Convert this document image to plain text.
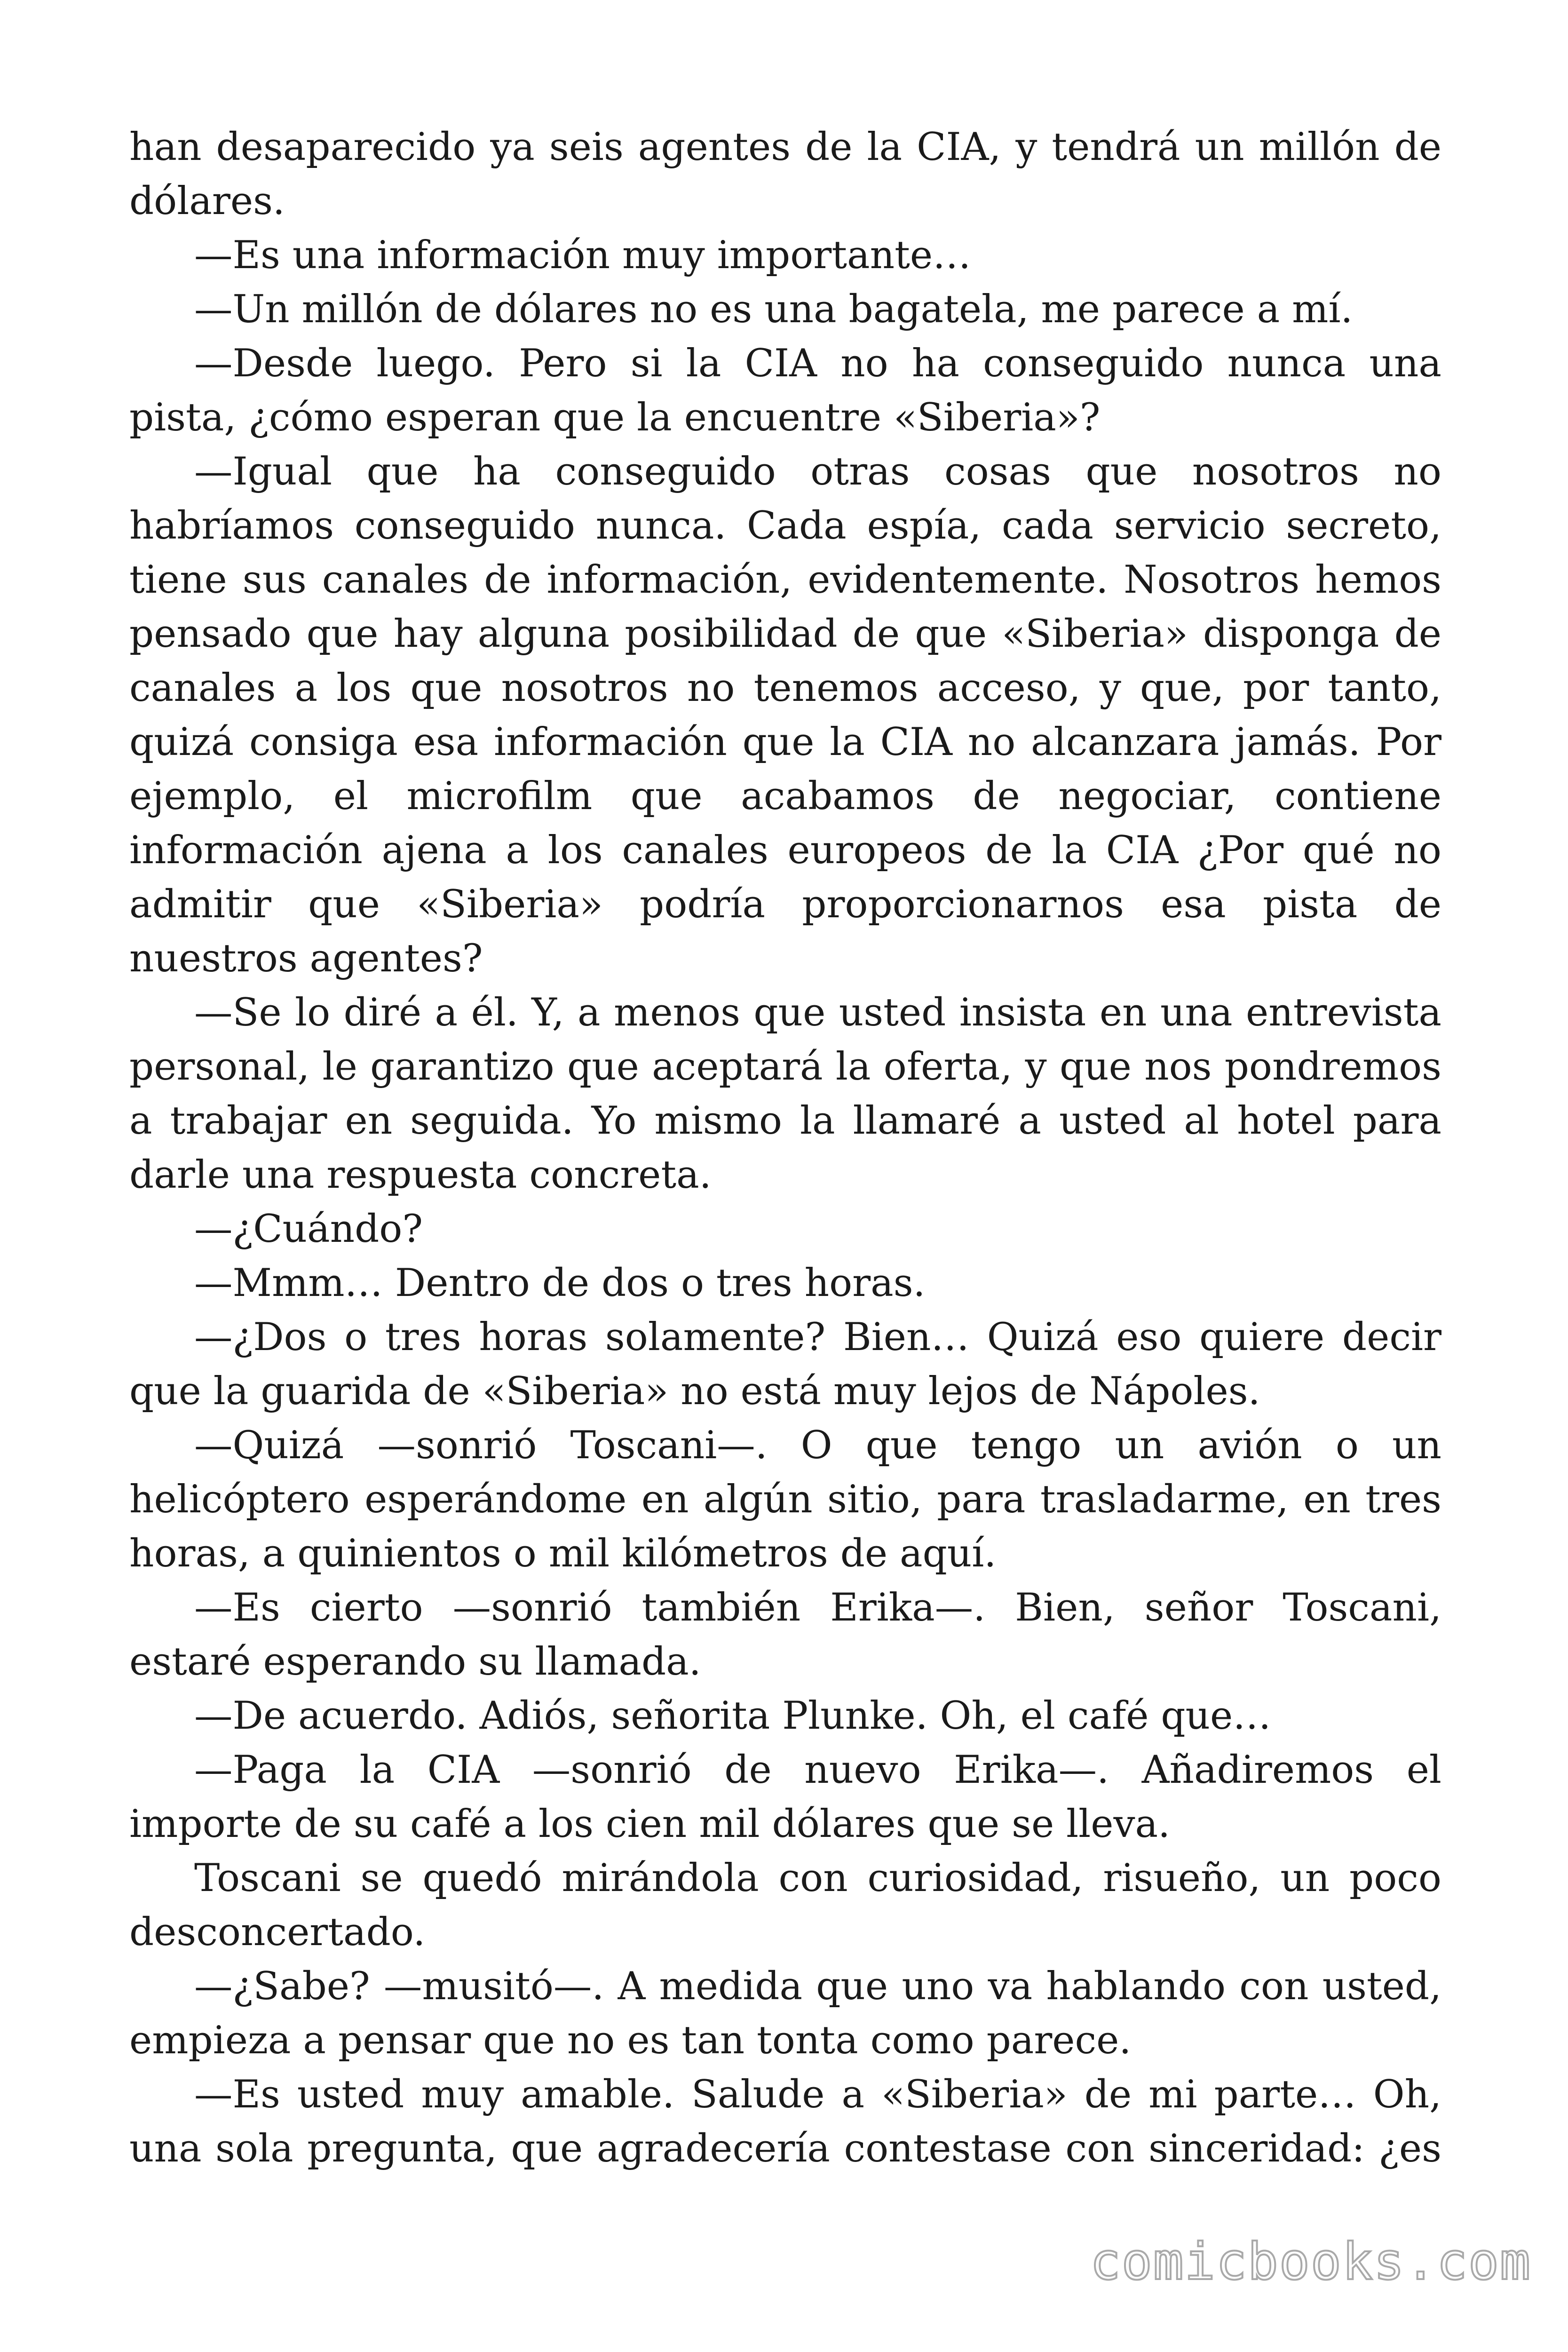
han desaparecido ya seis agentes de la CIA, y tendrá un millón de dólares.

—Es una información muy importante…

—Un millón de dólares no es una bagatela, me parece a mí.

—Desde luego. Pero si la CIA no ha conseguido nunca una pista, ¿cómo esperan que la encuentre «Siberia»?

—Igual que ha conseguido otras cosas que nosotros no habríamos conseguido nunca. Cada espía, cada servicio secreto, tiene sus canales de información, evidentemente. Nosotros hemos pensado que hay alguna posibilidad de que «Siberia» disponga de canales a los que nosotros no tenemos acceso, y que, por tanto, quizá consiga esa información que la CIA no alcanzara jamás. Por ejemplo, el microfilm que acabamos de negociar, contiene información ajena a los canales europeos de la CIA ¿Por qué no admitir que «Siberia» podría proporcionarnos esa pista de nuestros agentes?

—Se lo diré a él. Y, a menos que usted insista en una entrevista personal, le garantizo que aceptará la oferta, y que nos pondremos a trabajar en seguida. Yo mismo la llamaré a usted al hotel para darle una respuesta concreta.

—¿Cuándo?

—Mmm… Dentro de dos o tres horas.

—¿Dos o tres horas solamente? Bien… Quizá eso quiere decir que la guarida de «Siberia» no está muy lejos de Nápoles.

—Quizá —sonrió Toscani—. O que tengo un avión o un helicóptero esperándome en algún sitio, para trasladarme, en tres horas, a quinientos o mil kilómetros de aquí.

—Es cierto —sonrió también Erika—. Bien, señor Toscani, estaré esperando su llamada.

—De acuerdo. Adiós, señorita Plunke. Oh, el café que…

—Paga la CIA —sonrió de nuevo Erika—. Añadiremos el importe de su café a los cien mil dólares que se lleva.

Toscani se quedó mirándola con curiosidad, risueño, un poco desconcertado.

—¿Sabe? —musitó—. A medida que uno va hablando con usted, empieza a pensar que no es tan tonta como parece.

—Es usted muy amable. Salude a «Siberia» de mi parte… Oh, una sola pregunta, que agradecería contestase con sinceridad: ¿es

comicbooks.com
